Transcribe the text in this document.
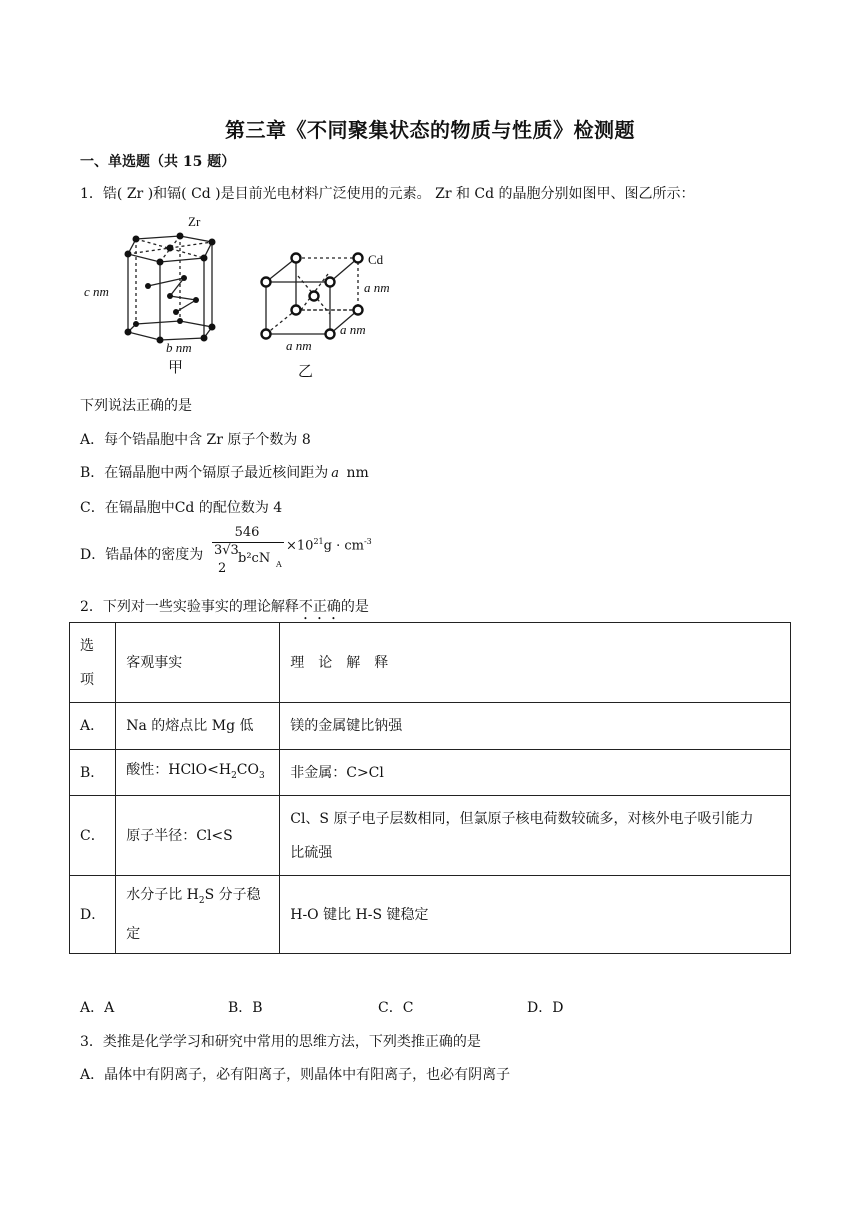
第三章《不同聚集状态的物质与性质》检测题
一、单选题（共 15 题）
1．锆( Zr )和镉( Cd )是目前光电材料广泛使用的元素。 Zr 和 Cd 的晶胞分别如图甲、图乙所示：
Zr
c nm
b nm
甲
Cd
a nm
a nm
a nm
乙
下列说法正确的是
A．每个锆晶胞中含 Zr 原子个数为 8
B．在镉晶胞中两个镉原子最近核间距为 a nm
C．在镉晶胞中Cd 的配位数为 4
D．锆晶体的密度为
546
3√3
2
b²cN A
$\times 10^{21}g \cdot cm^{-3}$
2．下列对一些实验事实的理论解释不正确的是
选
项	客观事实	理　论　解　释
A．	Na 的熔点比 Mg 低	镁的金属键比钠强
B．	酸性：$HClO<H_2CO_3$	非金属：C>Cl
C．	原子半径：Cl<S	Cl、S 原子电子层数相同，但氯原子核电荷数较硫多，对核外电子吸引能力
比硫强

D．	水分子比 $H_2S$ 分子稳
定	H-O 键比 H-S 键稳定
A．A	B．B	C．C	D．D
3．类推是化学学习和研究中常用的思维方法，下列类推正确的是
A．晶体中有阴离子，必有阳离子，则晶体中有阳离子，也必有阴离子
